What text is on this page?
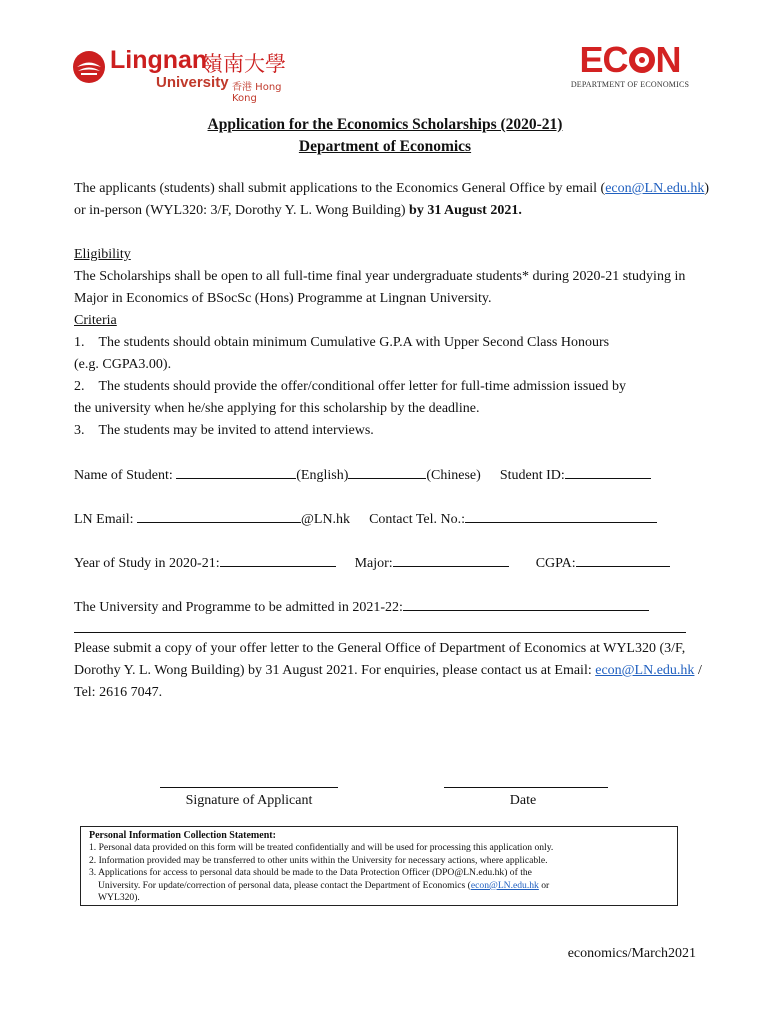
Lingnan
嶺南大學
University 香港 Hong Kong
EC N
DEPARTMENT OF ECONOMICS
Application for the Economics Scholarships (2020-21)
Department of Economics
The applicants (students) shall submit applications to the Economics General Office by email (econ@LN.edu.hk) or in-person (WYL320: 3/F, Dorothy Y. L. Wong Building) by 31 August 2021.
Eligibility
The Scholarships shall be open to all full-time final year undergraduate students* during 2020-21 studying in Major in Economics of BSocSc (Hons) Programme at Lingnan University.
Criteria
1. The students should obtain minimum Cumulative G.P.A with Upper Second Class Honours
(e.g. CGPA3.00).
2. The students should provide the offer/conditional offer letter for full-time admission issued by
the university when he/she applying for this scholarship by the deadline.
3. The students may be invited to attend interviews.
Name of Student:	(English)	(Chinese) Student ID:
LN Email:	@LN.hk Contact Tel. No.:
Year of Study in 2020-21:	Major:	CGPA:
The University and Programme to be admitted in 2021-22:
Please submit a copy of your offer letter to the General Office of Department of Economics at WYL320 (3/F, Dorothy Y. L. Wong Building) by 31 August 2021. For enquiries, please contact us at Email: econ@LN.edu.hk / Tel: 2616 7047.
Signature of Applicant	Date
Personal Information Collection Statement:
1. Personal data provided on this form will be treated confidentially and will be used for processing this application only.
2. Information provided may be transferred to other units within the University for necessary actions, where applicable.
3. Applications for access to personal data should be made to the Data Protection Officer (DPO@LN.edu.hk) of the
University. For update/correction of personal data, please contact the Department of Economics (econ@LN.edu.hk or
WYL320).
economics/March2021
